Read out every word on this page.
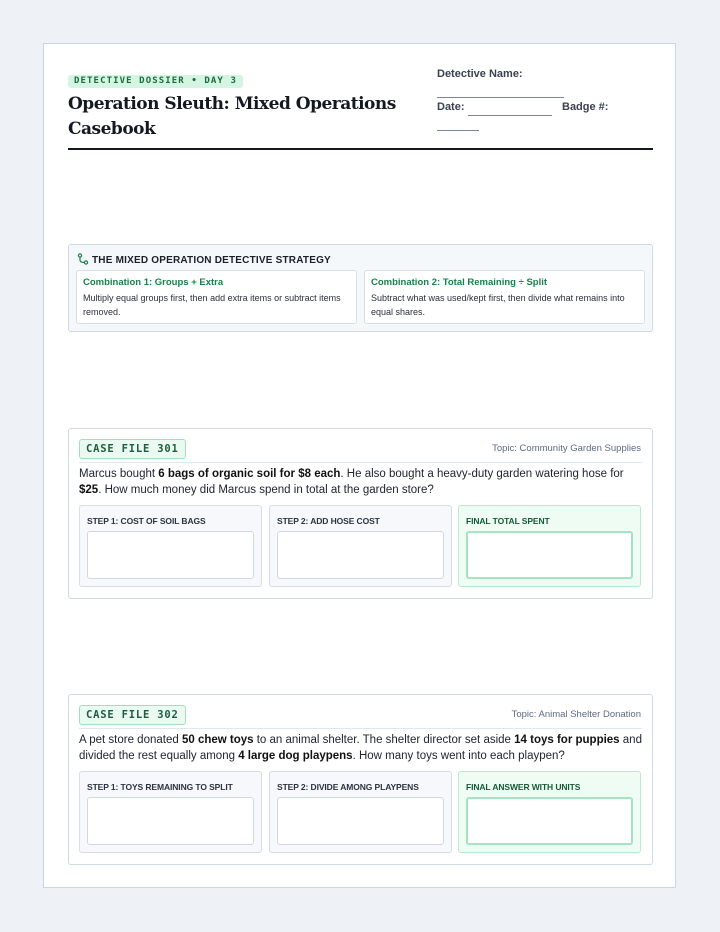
DETECTIVE DOSSIER • DAY 3
Operation Sleuth: Mixed Operations Casebook
Detective Name:
Date:	Badge #:
THE MIXED OPERATION DETECTIVE STRATEGY
Combination 1: Groups + Extra
Multiply equal groups first, then add extra items or subtract items removed.
Combination 2: Total Remaining ÷ Split
Subtract what was used/kept first, then divide what remains into equal shares.
CASE FILE 301	Topic: Community Garden Supplies
Marcus bought 6 bags of organic soil for $8 each. He also bought a heavy-duty garden watering hose for $25. How much money did Marcus spend in total at the garden store?
STEP 1: COST OF SOIL BAGS	STEP 2: ADD HOSE COST	FINAL TOTAL SPENT
CASE FILE 302	Topic: Animal Shelter Donation
A pet store donated 50 chew toys to an animal shelter. The shelter director set aside 14 toys for puppies and divided the rest equally among 4 large dog playpens. How many toys went into each playpen?
STEP 1: TOYS REMAINING TO SPLIT	STEP 2: DIVIDE AMONG PLAYPENS	FINAL ANSWER WITH UNITS
